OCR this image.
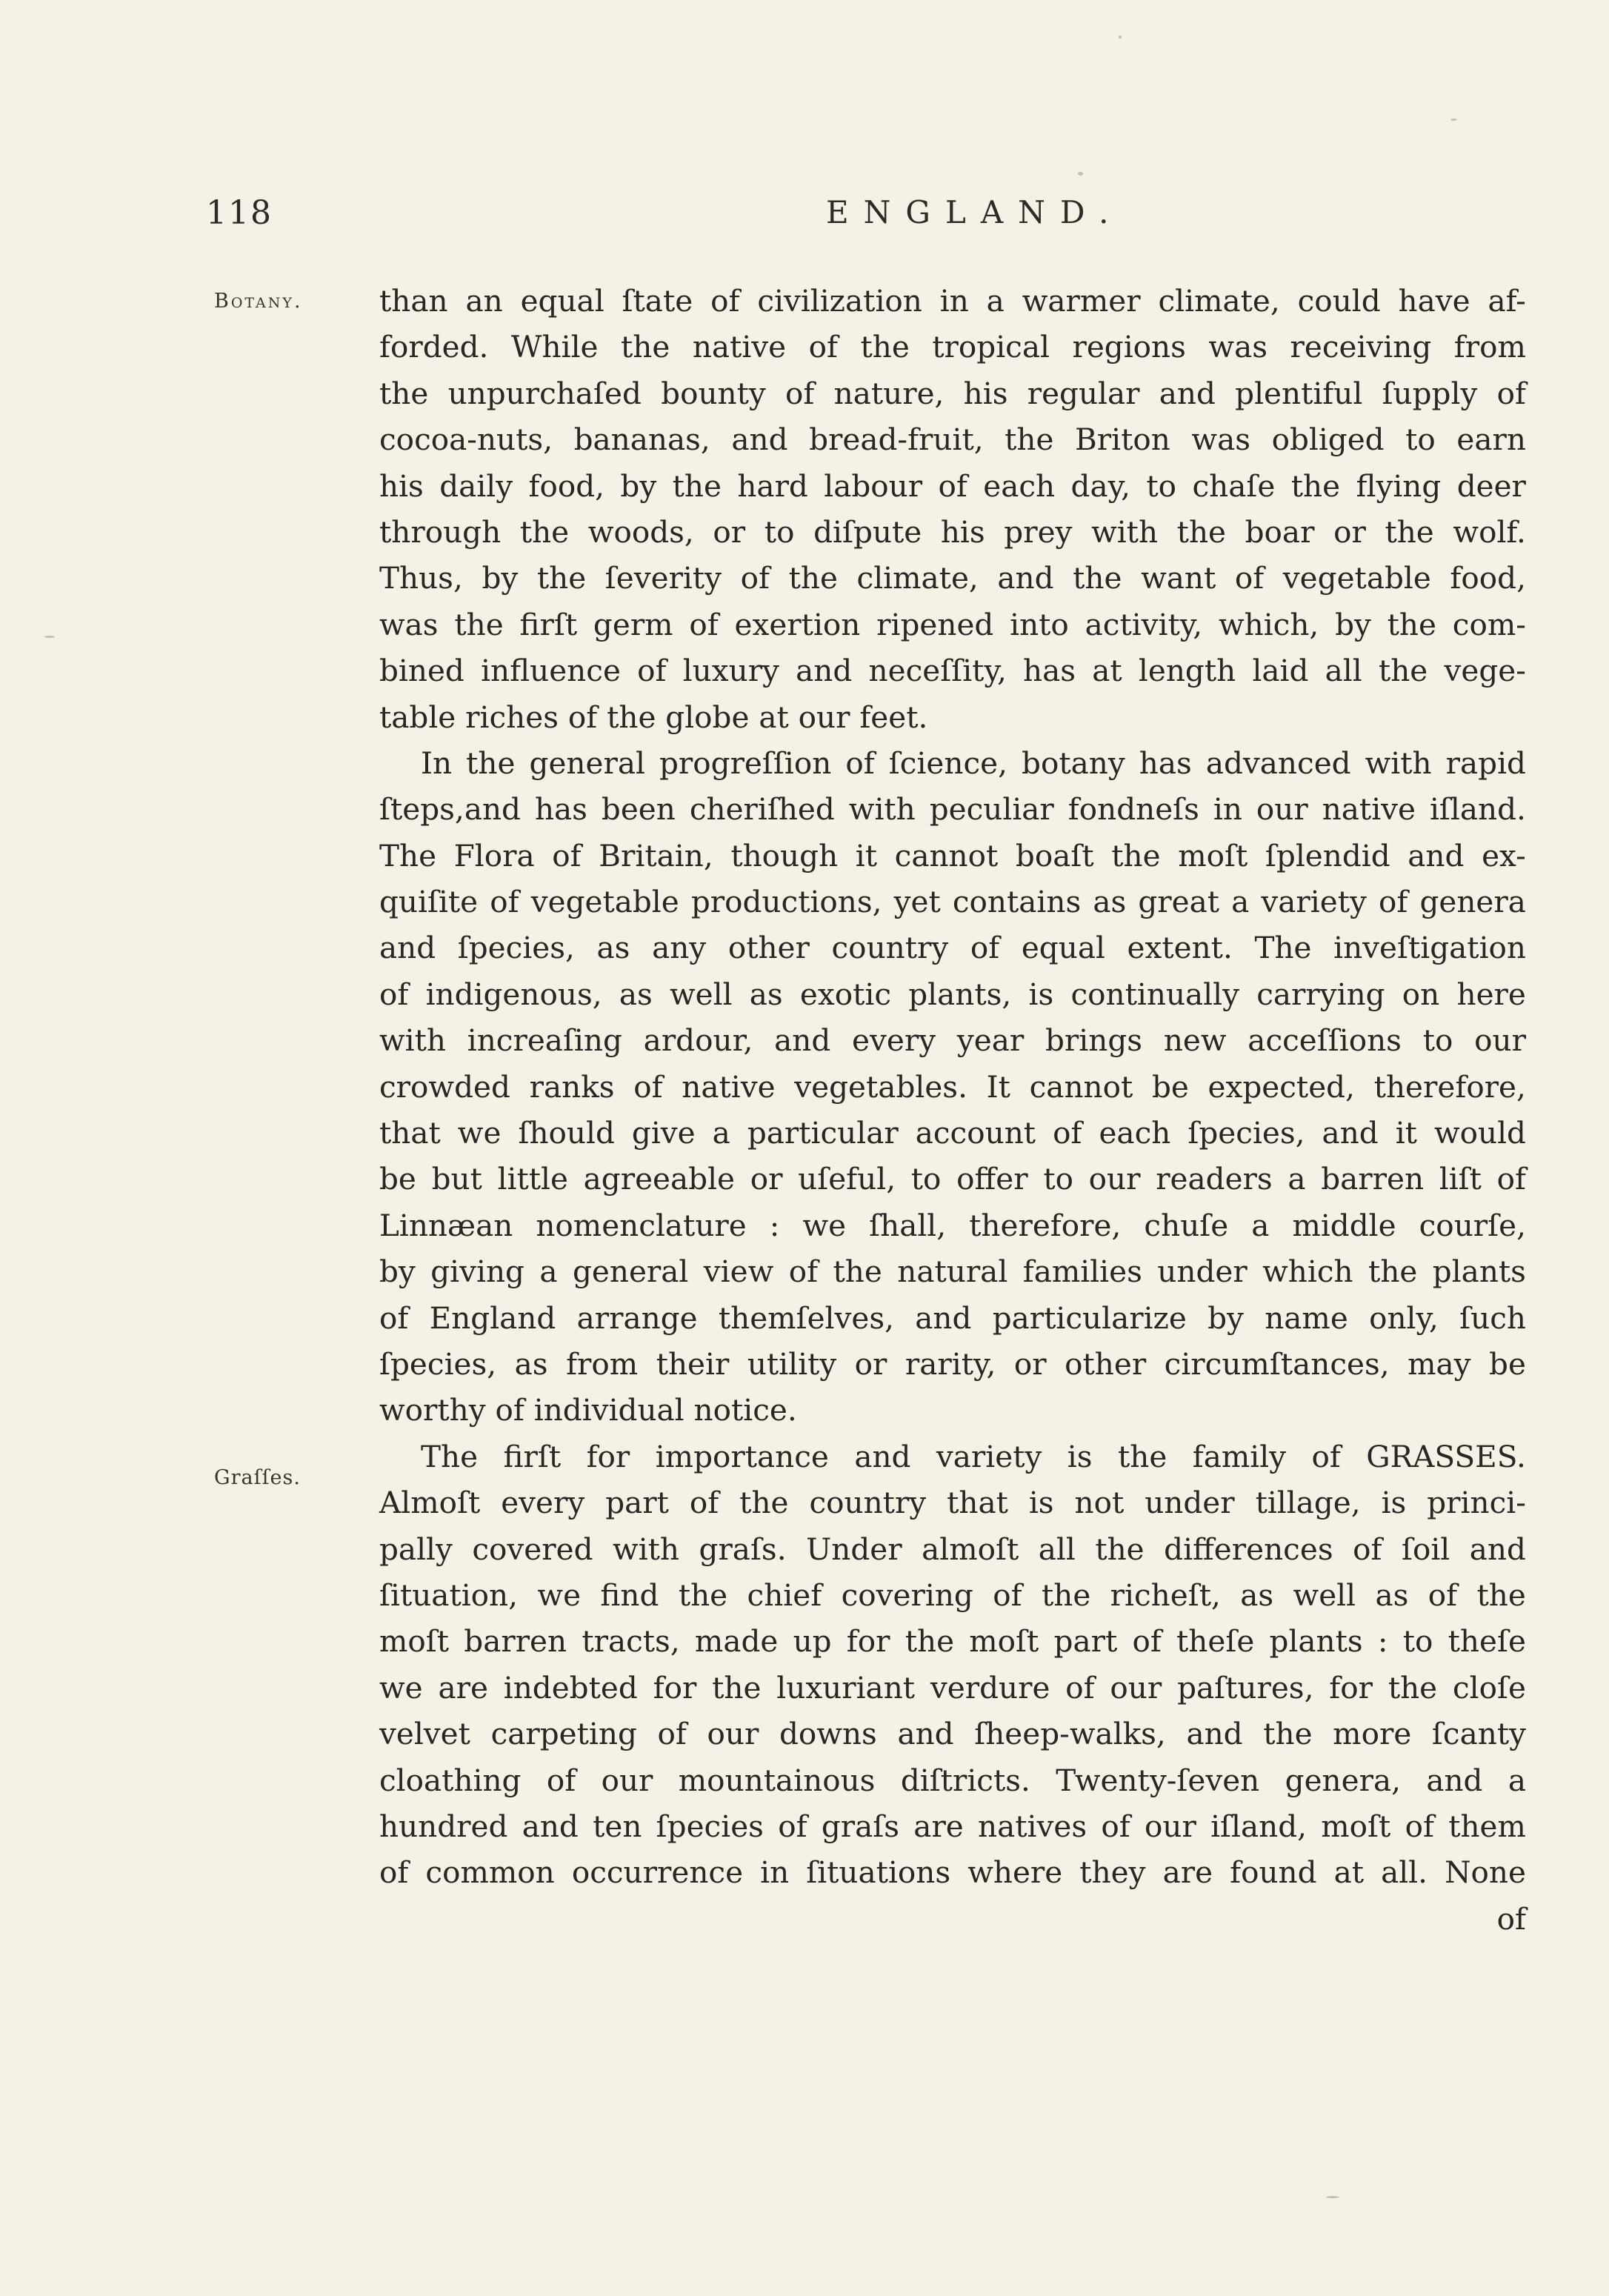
118	ENGLAND.
Botany.
Graſſes.
than an equal ſtate of civilization in a warmer climate, could have af-
forded. While the native of the tropical regions was receiving from
the unpurchaſed bounty of nature, his regular and plentiful ſupply of
cocoa-nuts, bananas, and bread-fruit, the Briton was obliged to earn
his daily food, by the hard labour of each day, to chaſe the flying deer
through the woods, or to diſpute his prey with the boar or the wolf.
Thus, by the ſeverity of the climate, and the want of vegetable food,
was the firſt germ of exertion ripened into activity, which, by the com-
bined influence of luxury and neceſſity, has at length laid all the vege-
table riches of the globe at our feet.
In the general progreſſion of ſcience, botany has advanced with rapid
ſteps,and has been cheriſhed with peculiar fondneſs in our native iſland.
The Flora of Britain, though it cannot boaſt the moſt ſplendid and ex-
quiſite of vegetable productions, yet contains as great a variety of genera
and ſpecies, as any other country of equal extent. The inveſtigation
of indigenous, as well as exotic plants, is continually carrying on here
with increaſing ardour, and every year brings new acceſſions to our
crowded ranks of native vegetables. It cannot be expected, therefore,
that we ſhould give a particular account of each ſpecies, and it would
be but little agreeable or uſeful, to offer to our readers a barren liſt of
Linnæan nomenclature : we ſhall, therefore, chuſe a middle courſe,
by giving a general view of the natural families under which the plants
of England arrange themſelves, and particularize by name only, ſuch
ſpecies, as from their utility or rarity, or other circumſtances, may be
worthy of individual notice.
The firſt for importance and variety is the family of GRASSES.
Almoſt every part of the country that is not under tillage, is princi-
pally covered with graſs. Under almoſt all the differences of ſoil and
ſituation, we find the chief covering of the richeſt, as well as of the
moſt barren tracts, made up for the moſt part of theſe plants : to theſe
we are indebted for the luxuriant verdure of our paſtures, for the cloſe
velvet carpeting of our downs and ſheep-walks, and the more ſcanty
cloathing of our mountainous diſtricts. Twenty-ſeven genera, and a
hundred and ten ſpecies of graſs are natives of our iſland, moſt of them
of common occurrence in ſituations where they are found at all. None
of
